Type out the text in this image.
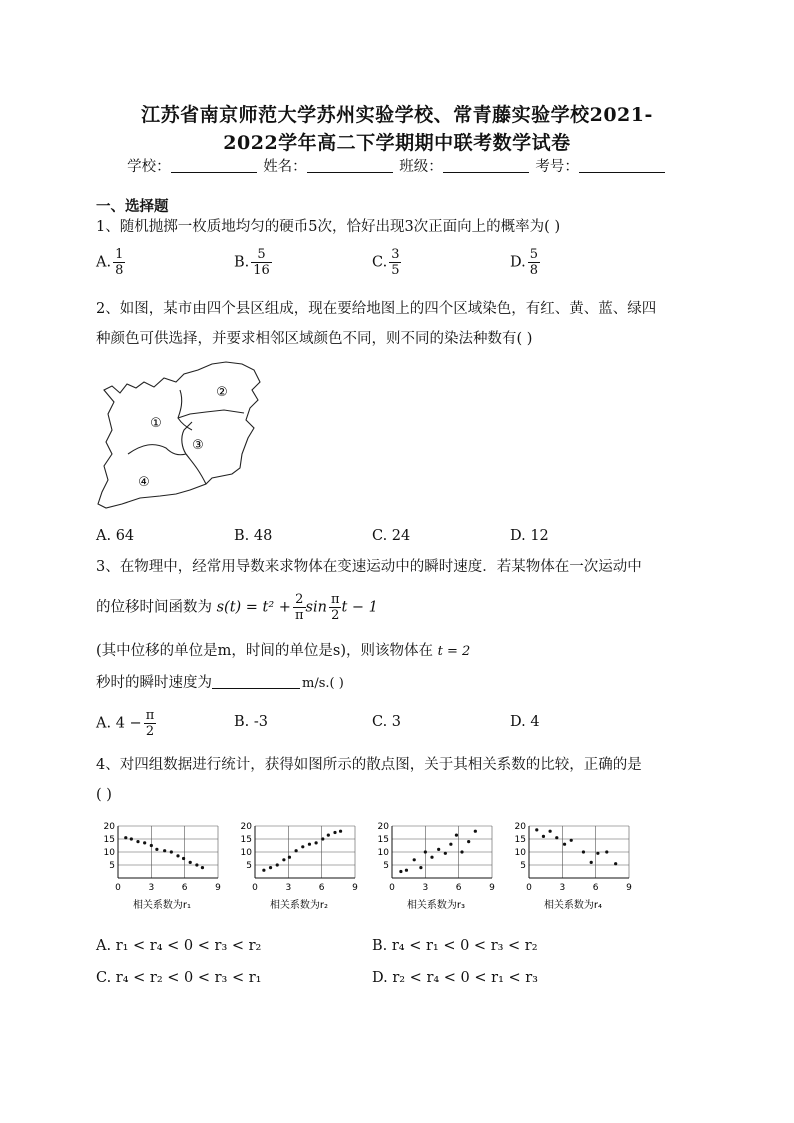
江苏省南京师范大学苏州实验学校、常青藤实验学校2021-
2022学年高二下学期期中联考数学试卷
学校：	姓名：	班级：	考号：
一、选择题
1、随机抛掷一枚质地均匀的硬币5次，恰好出现3次正面向上的概率为( )
A. $\frac{1}{8}$	B. $\frac{5}{16}$	C. $\frac{3}{5}$	D. $\frac{5}{8}$
2、如图，某市由四个县区组成，现在要给地图上的四个区域染色，有红、黄、蓝、绿四
种颜色可供选择，并要求相邻区域颜色不同，则不同的染法种数有( )
①
②
③
④
A. 64	B. 48	C. 24	D. 12
3、在物理中，经常用导数来求物体在变速运动中的瞬时速度．若某物体在一次运动中
的位移时间函数为 $s(t) = t^2 + \frac{2}{\pi}$ $\sin \frac{\pi}{2}$ t − 1
(其中位移的单位是m，时间的单位是s)，则该物体在 t = 2
秒时的瞬时速度为	m/s.( )
A. $4 - \frac{\pi}{2}$	B. -3	C. 3	D. 4
4、对四组数据进行统计，获得如图所示的散点图，关于其相关系数的比较，正确的是
( )
5
10
15
20
0	3	6	9
相关系数为r₁
5
10
15
20
0	3	6	9
相关系数为r₂
5
10
15
20
0	3	6	9
相关系数为r₃
5
10
15
20
0	3	6	9
相关系数为r₄
A. r₁ < r₄ < 0 < r₃ < r₂	B. r₄ < r₁ < 0 < r₃ < r₂
C. r₄ < r₂ < 0 < r₃ < r₁	D. r₂ < r₄ < 0 < r₁ < r₃
